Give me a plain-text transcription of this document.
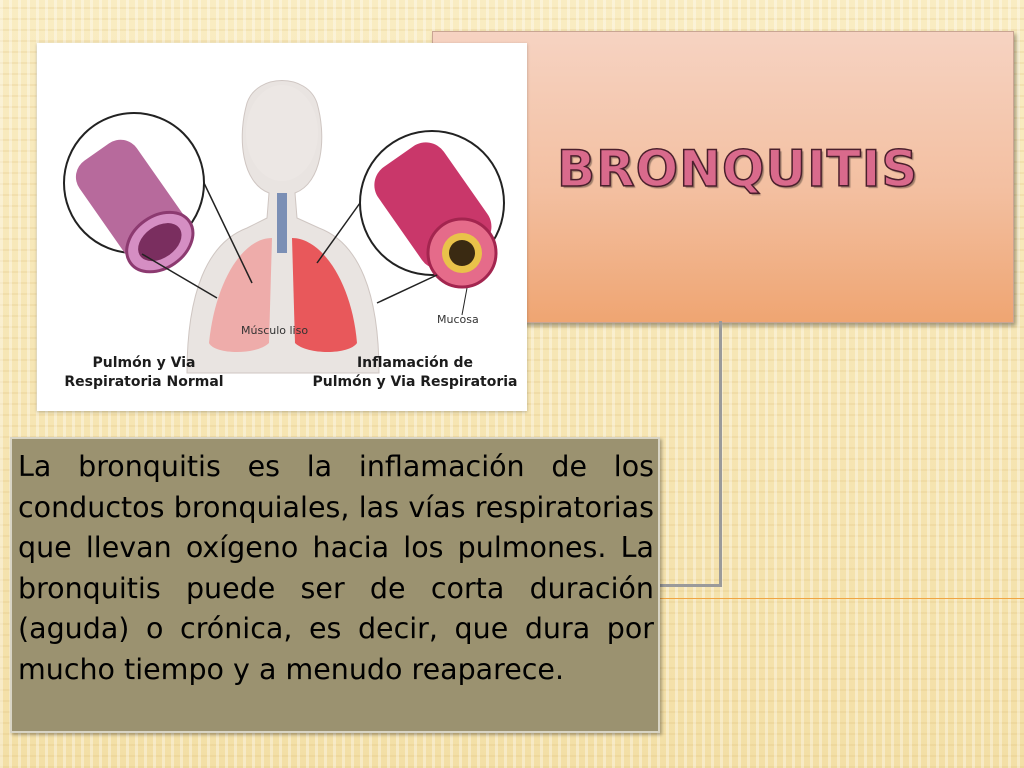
BRONQUITIS
Músculo liso
Mucosa
Pulmón y Via
Respiratoria Normal
Inflamación de
Pulmón y Via Respiratoria

La bronquitis es la inflamación de los conductos bronquiales, las vías respiratorias que llevan oxígeno hacia los pulmones. La bronquitis puede ser de corta duración (aguda) o crónica, es decir, que dura por mucho tiempo y a menudo reaparece.
